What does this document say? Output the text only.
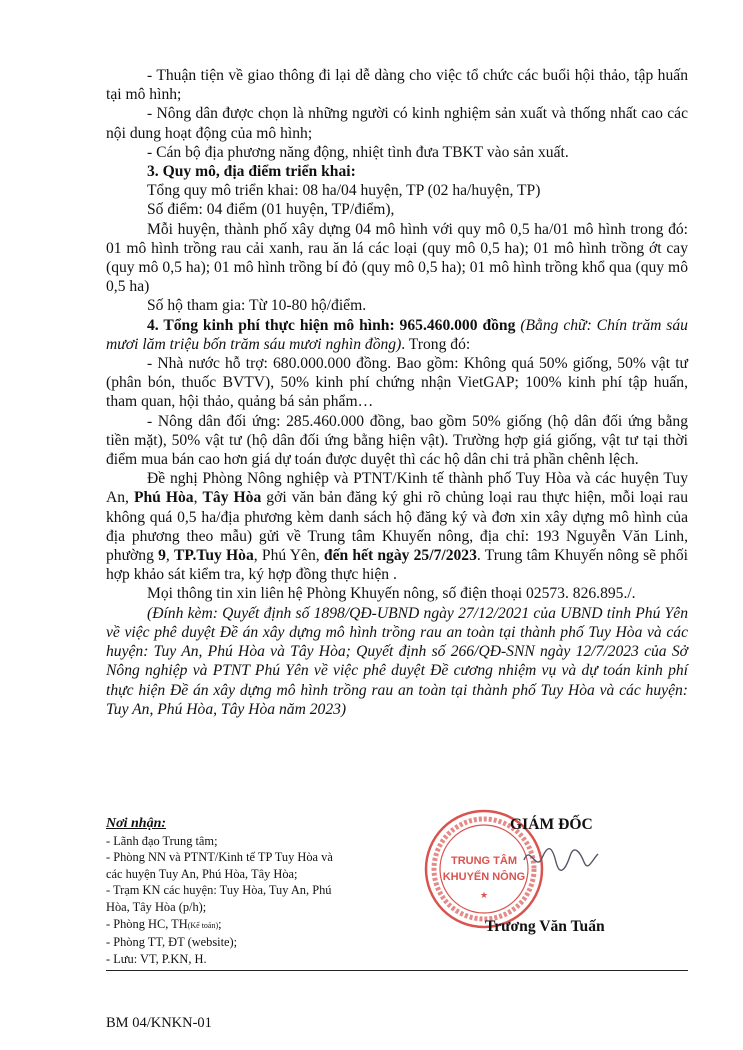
- Thuận tiện về giao thông đi lại dễ dàng cho việc tổ chức các buổi hội thảo, tập huấn tại mô hình;

- Nông dân được chọn là những người có kinh nghiệm sản xuất và thống nhất cao các nội dung hoạt động của mô hình;

- Cán bộ địa phương năng động, nhiệt tình đưa TBKT vào sản xuất.

3. Quy mô, địa điểm triển khai:

Tổng quy mô triển khai: 08 ha/04 huyện, TP (02 ha/huyện, TP)

Số điểm: 04 điểm (01 huyện, TP/điểm),

Mỗi huyện, thành phố xây dựng 04 mô hình với quy mô 0,5 ha/01 mô hình trong đó: 01 mô hình trồng rau cải xanh, rau ăn lá các loại (quy mô 0,5 ha); 01 mô hình trồng ớt cay (quy mô 0,5 ha); 01 mô hình trồng bí đỏ (quy mô 0,5 ha); 01 mô hình trồng khổ qua (quy mô 0,5 ha)

Số hộ tham gia: Từ 10-80 hộ/điểm.

4. Tổng kinh phí thực hiện mô hình: 965.460.000 đồng (Bằng chữ: Chín trăm sáu mươi lăm triệu bốn trăm sáu mươi nghìn đồng). Trong đó:

- Nhà nước hỗ trợ: 680.000.000 đồng. Bao gồm: Không quá 50% giống, 50% vật tư (phân bón, thuốc BVTV), 50% kinh phí chứng nhận VietGAP; 100% kinh phí tập huấn, tham quan, hội thảo, quảng bá sản phẩm…

- Nông dân đối ứng: 285.460.000 đồng, bao gồm 50% giống (hộ dân đối ứng bằng tiền mặt), 50% vật tư (hộ dân đối ứng bằng hiện vật). Trường hợp giá giống, vật tư tại thời điểm mua bán cao hơn giá dự toán được duyệt thì các hộ dân chi trả phần chênh lệch.

Đề nghị Phòng Nông nghiệp và PTNT/Kinh tế thành phố Tuy Hòa và các huyện Tuy An, Phú Hòa, Tây Hòa gởi văn bản đăng ký ghi rõ chủng loại rau thực hiện, mỗi loại rau không quá 0,5 ha/địa phương kèm danh sách hộ đăng ký và đơn xin xây dựng mô hình của địa phương theo mẫu) gửi về Trung tâm Khuyến nông, địa chỉ: 193 Nguyễn Văn Linh, phường 9, TP.Tuy Hòa, Phú Yên, đến hết ngày 25/7/2023. Trung tâm Khuyến nông sẽ phối hợp khảo sát kiểm tra, ký hợp đồng thực hiện .

Mọi thông tin xin liên hệ Phòng Khuyến nông, số điện thoại 02573. 826.895./.

(Đính kèm: Quyết định số 1898/QĐ-UBND ngày 27/12/2021 của UBND tỉnh Phú Yên về việc phê duyệt Đề án xây dựng mô hình trồng rau an toàn tại thành phố Tuy Hòa và các huyện: Tuy An, Phú Hòa và Tây Hòa; Quyết định số 266/QĐ-SNN ngày 12/7/2023 của Sở Nông nghiệp và PTNT Phú Yên về việc phê duyệt Đề cương nhiệm vụ và dự toán kinh phí thực hiện Đề án xây dựng mô hình trồng rau an toàn tại thành phố Tuy Hòa và các huyện: Tuy An, Phú Hòa, Tây Hòa năm 2023)

Nơi nhận:

- Lãnh đạo Trung tâm;

- Phòng NN và PTNT/Kinh tế TP Tuy Hòa và các huyện Tuy An, Phú Hòa, Tây Hòa;

- Trạm KN các huyện: Tuy Hòa, Tuy An, Phú Hòa, Tây Hòa (p/h);

- Phòng HC, TH(Kế toán);

- Phòng TT, ĐT (website);

- Lưu: VT, P.KN, H.

TRUNG TÂM
KHUYẾN NÔNG
★
GIÁM ĐỐC
Trương Văn Tuấn
BM 04/KNKN-01
